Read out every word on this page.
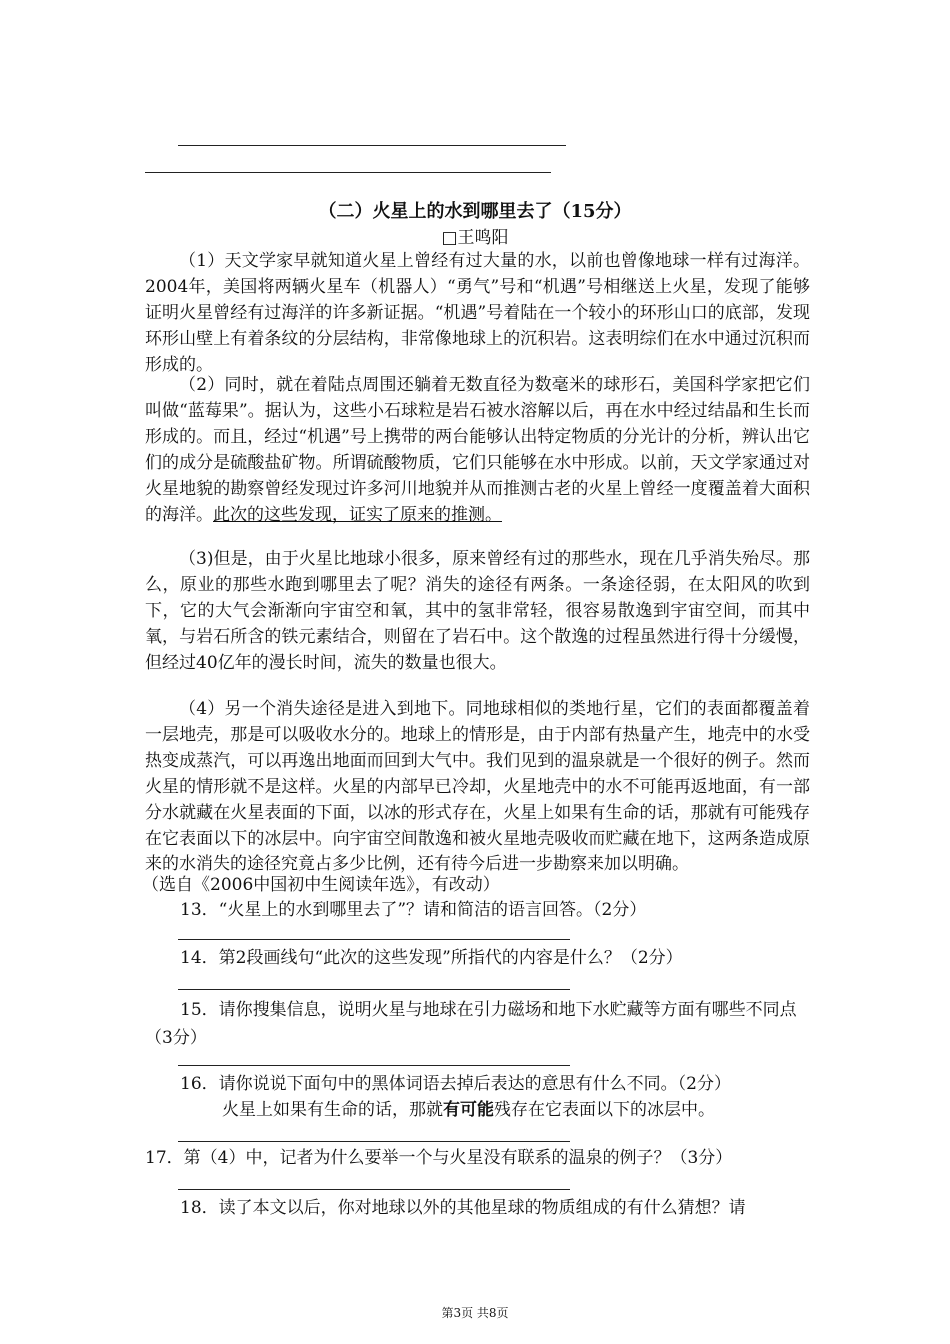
（二）火星上的水到哪里去了（15分）
□王鸣阳
（1）天文学家早就知道火星上曾经有过大量的水，以前也曾像地球一样有过海洋。2004年，美国将两辆火星车（机器人）“勇气”号和“机遇”号相继送上火星，发现了能够证明火星曾经有过海洋的许多新证据。“机遇”号着陆在一个较小的环形山口的底部，发现环形山壁上有着条纹的分层结构，非常像地球上的沉积岩。这表明综们在水中通过沉积而形成的。
（2）同时，就在着陆点周围还躺着无数直径为数毫米的球形石，美国科学家把它们叫做“蓝莓果”。据认为，这些小石球粒是岩石被水溶解以后，再在水中经过结晶和生长而形成的。而且，经过“机遇”号上携带的两台能够认出特定物质的分光计的分析，辨认出它们的成分是硫酸盐矿物。所谓硫酸物质，它们只能够在水中形成。以前，天文学家通过对火星地貌的勘察曾经发现过许多河川地貌并从而推测古老的火星上曾经一度覆盖着大面积的海洋。此次的这些发现，证实了原来的推测。
（3)但是，由于火星比地球小很多，原来曾经有过的那些水，现在几乎消失殆尽。那么，原业的那些水跑到哪里去了呢？消失的途径有两条。一条途径弱，在太阳风的吹到下，它的大气会渐渐向宇宙空和氧，其中的氢非常轻，很容易散逸到宇宙空间，而其中氧，与岩石所含的铁元素结合，则留在了岩石中。这个散逸的过程虽然进行得十分缓慢，但经过40亿年的漫长时间，流失的数量也很大。
（4）另一个消失途径是进入到地下。同地球相似的类地行星，它们的表面都覆盖着一层地壳，那是可以吸收水分的。地球上的情形是，由于内部有热量产生，地壳中的水受热变成蒸汽，可以再逸出地面而回到大气中。我们见到的温泉就是一个很好的例子。然而火星的情形就不是这样。火星的内部早已冷却，火星地壳中的水不可能再返地面，有一部分水就藏在火星表面的下面，以冰的形式存在，火星上如果有生命的话，那就有可能残存在它表面以下的冰层中。向宇宙空间散逸和被火星地壳吸收而贮藏在地下，这两条造成原来的水消失的途径究竟占多少比例，还有待今后进一步勘察来加以明确。
（选自《2006中国初中生阅读年选》，有改动）
13．“火星上的水到哪里去了”？请和简洁的语言回答。（2分）
14．第2段画线句“此次的这些发现”所指代的内容是什么？（2分）
15．请你搜集信息，说明火星与地球在引力磁场和地下水贮藏等方面有哪些不同点（3分）
16．请你说说下面句中的黑体词语去掉后表达的意思有什么不同。（2分）
火星上如果有生命的话，那就有可能残存在它表面以下的冰层中。
17．第（4）中，记者为什么要举一个与火星没有联系的温泉的例子？（3分）
18．读了本文以后，你对地球以外的其他星球的物质组成的有什么猜想？请
第3页 共8页
